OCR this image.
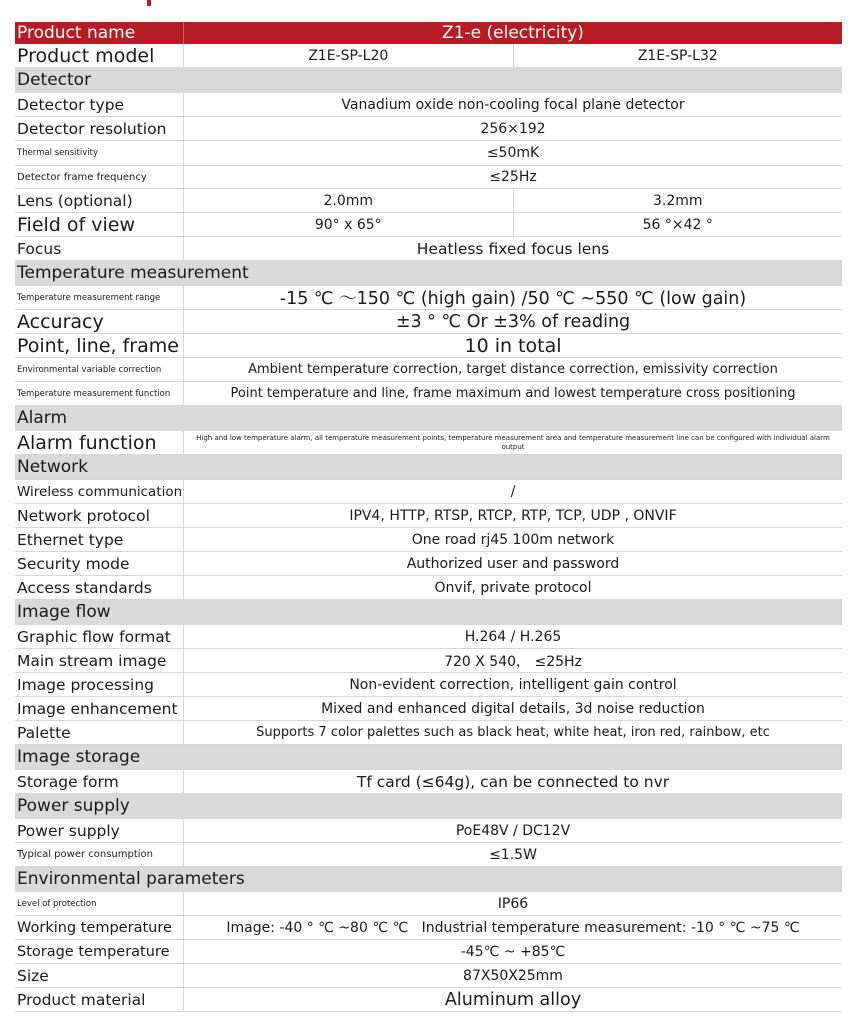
Product name	Z1-e (electricity)
Product model	Z1E-SP-L20	Z1E-SP-L32
Detector
Detector type	Vanadium oxide non-cooling focal plane detector
Detector resolution	256×192
Thermal sensitivity	≤50mK
Detector frame frequency	≤25Hz
Lens (optional)	2.0mm	3.2mm
Field of view	90° x 65°	56 °×42 °
Focus	Heatless fixed focus lens
Temperature measurement
Temperature measurement range	-15 ℃ ～150 ℃ (high gain) /50 ℃ ~550 ℃ (low gain)
Accuracy	±3 ° ℃ Or ±3% of reading
Point, line, frame	10 in total
Environmental variable correction	Ambient temperature correction, target distance correction, emissivity correction
Temperature measurement function	Point temperature and line, frame maximum and lowest temperature cross positioning
Alarm
Alarm function	High and low temperature alarm, all temperature measurement points, temperature measurement area and temperature measurement line can be configured with individual alarm output
Network
Wireless communication	/
Network protocol	IPV4, HTTP, RTSP, RTCP, RTP, TCP, UDP , ONVIF
Ethernet type	One road rj45 100m network
Security mode	Authorized user and password
Access standards	Onvif, private protocol
Image flow
Graphic flow format	H.264 / H.265
Main stream image	720 X 540， ≤25Hz
Image processing	Non-evident correction, intelligent gain control
Image enhancement	Mixed and enhanced digital details, 3d noise reduction
Palette	Supports 7 color palettes such as black heat, white heat, iron red, rainbow, etc
Image storage
Storage form	Tf card (≤64g), can be connected to nvr
Power supply
Power supply	PoE48V / DC12V
Typical power consumption	≤1.5W
Environmental parameters
Level of protection	IP66
Working temperature	Image: -40 ° ℃ ~80 ℃ ℃   Industrial temperature measurement: -10 ° ℃ ~75 ℃
Storage temperature	-45℃ ~ +85℃
Size	87X50X25mm
Product material	Aluminum alloy
